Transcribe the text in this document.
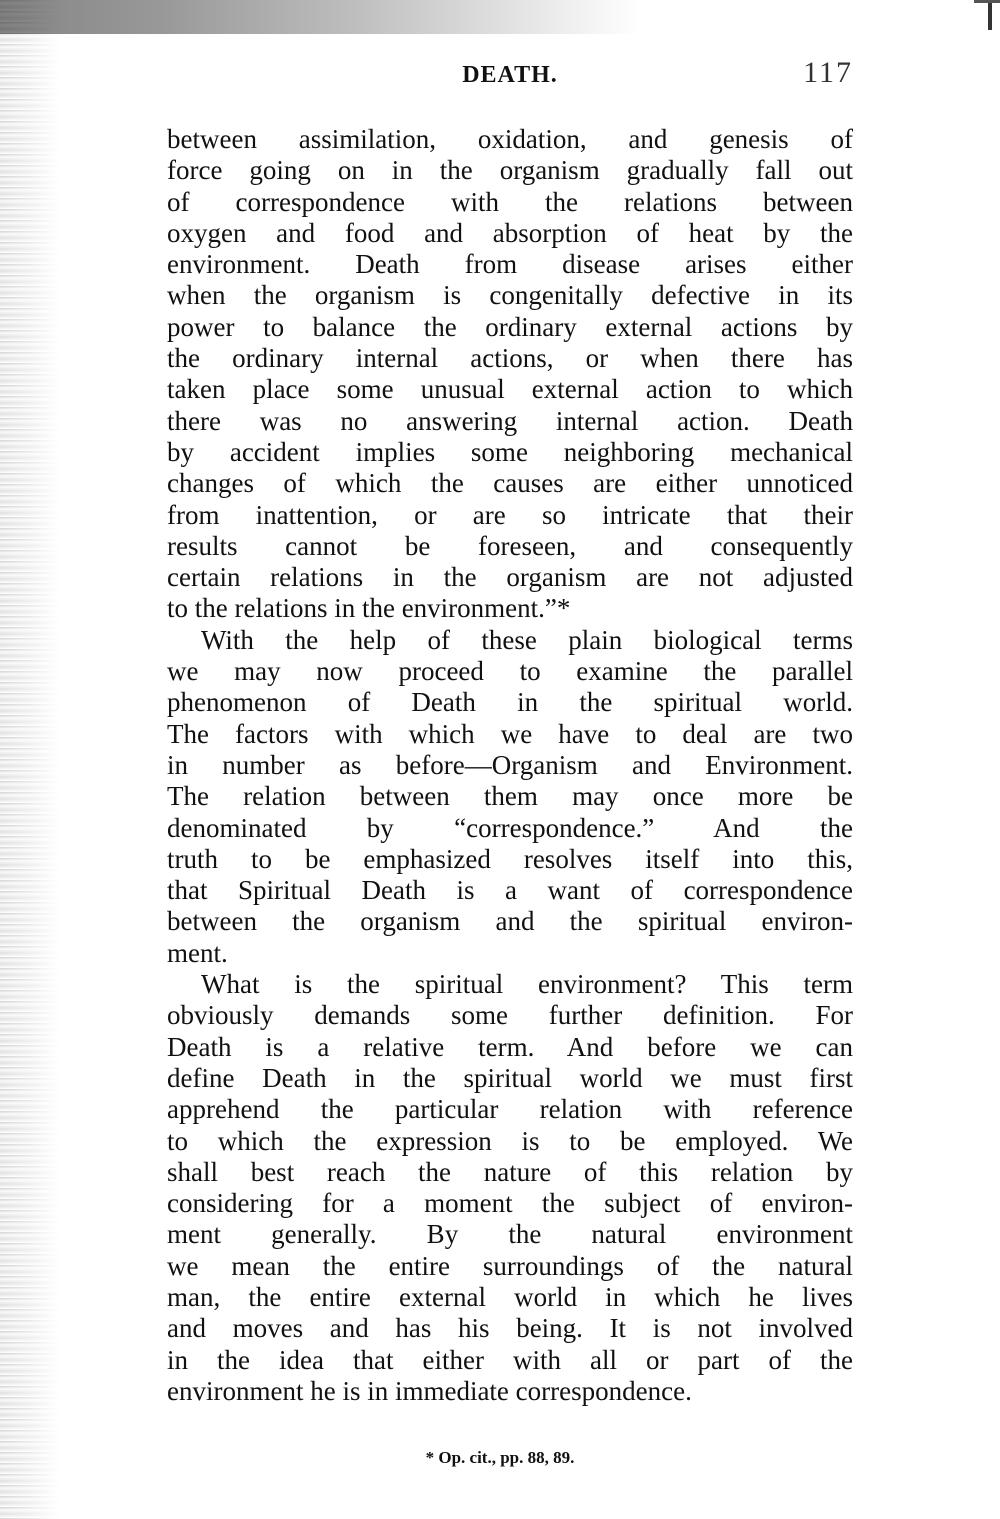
DEATH.	117
between assimilation, oxidation, and genesis of
force going on in the organism gradually fall out
of correspondence with the relations between
oxygen and food and absorption of heat by the
environment. Death from disease arises either
when the organism is congenitally defective in its
power to balance the ordinary external actions by
the ordinary internal actions, or when there has
taken place some unusual external action to which
there was no answering internal action. Death
by accident implies some neighboring mechanical
changes of which the causes are either unnoticed
from inattention, or are so intricate that their
results cannot be foreseen, and consequently
certain relations in the organism are not adjusted
to the relations in the environment.”*
With the help of these plain biological terms
we may now proceed to examine the parallel
phenomenon of Death in the spiritual world.
The factors with which we have to deal are two
in number as before—Organism and Environment.
The relation between them may once more be
denominated by “correspondence.” And the
truth to be emphasized resolves itself into this,
that Spiritual Death is a want of correspondence
between the organism and the spiritual environ-
ment.
What is the spiritual environment? This term
obviously demands some further definition. For
Death is a relative term. And before we can
define Death in the spiritual world we must first
apprehend the particular relation with reference
to which the expression is to be employed. We
shall best reach the nature of this relation by
considering for a moment the subject of environ-
ment generally. By the natural environment
we mean the entire surroundings of the natural
man, the entire external world in which he lives
and moves and has his being. It is not involved
in the idea that either with all or part of the
environment he is in immediate correspondence.
* Op. cit., pp. 88, 89.
